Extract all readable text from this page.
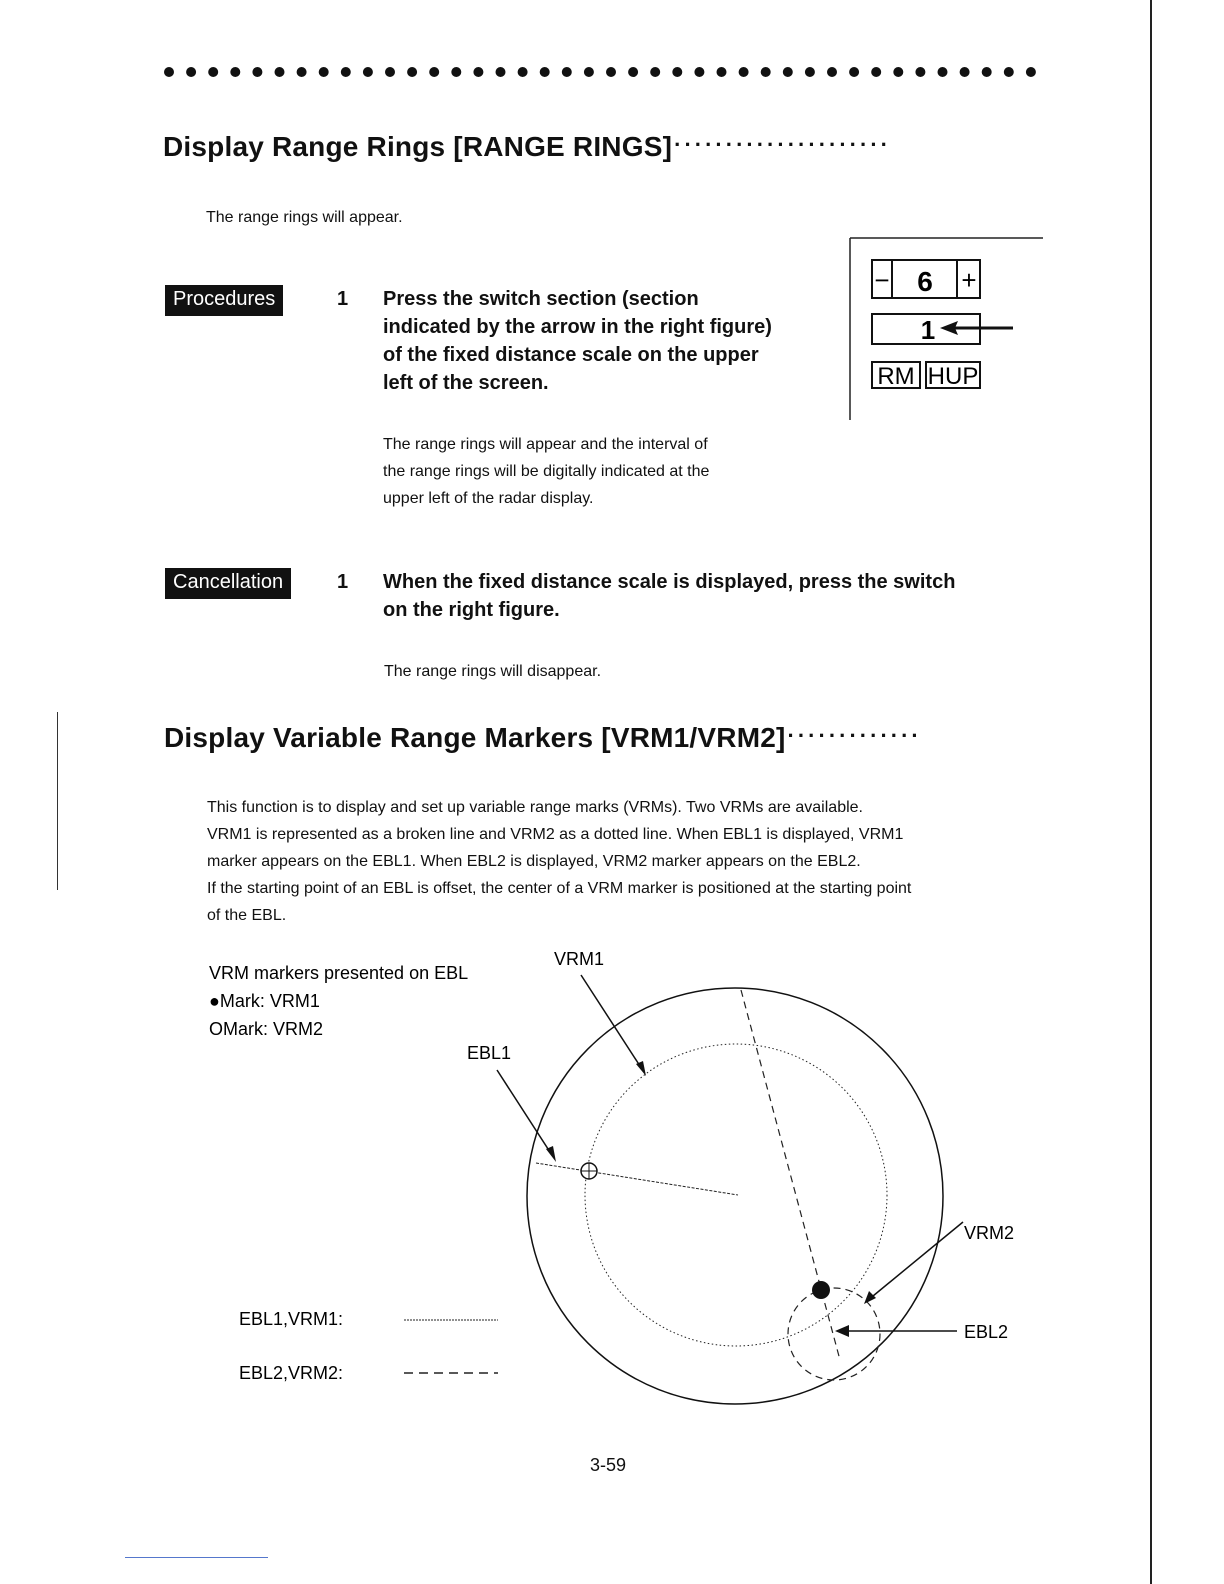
Display Range Rings [RANGE RINGS]·····················
The range rings will appear.
Procedures	1 Press the switch section (section
indicated by the arrow in the right figure)
of the fixed distance scale on the upper
left of the screen.
The range rings will appear and the interval of
the range rings will be digitally indicated at the
upper left of the radar display.
− 6 +
1
RM HUP
Cancellation	1 When the fixed distance scale is displayed, press the switch
on the right figure.
The range rings will disappear.
Display Variable Range Markers [VRM1/VRM2]·············
This function is to display and set up variable range marks (VRMs). Two VRMs are available.
VRM1 is represented as a broken line and VRM2 as a dotted line. When EBL1 is displayed, VRM1
marker appears on the EBL1. When EBL2 is displayed, VRM2 marker appears on the EBL2.
If the starting point of an EBL is offset, the center of a VRM marker is positioned at the starting point
of the EBL.
VRM markers presented on EBL
●Mark: VRM1
OMark: VRM2
VRM1
EBL1
VRM2
EBL2
EBL1,VRM1:
EBL2,VRM2:
3-59
